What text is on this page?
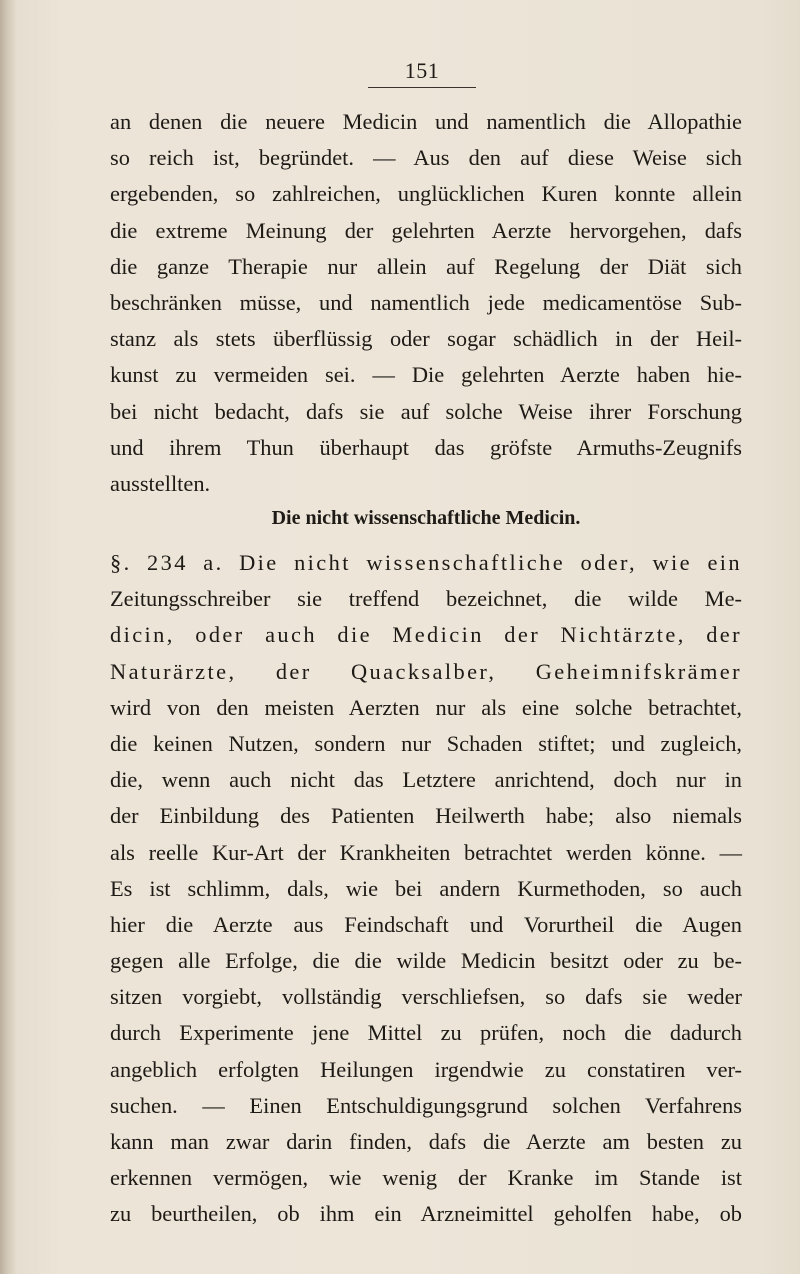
151
an denen die neuere Medicin und namentlich die Allopathie
so reich ist, begründet. — Aus den auf diese Weise sich
ergebenden, so zahlreichen, unglücklichen Kuren konnte allein
die extreme Meinung der gelehrten Aerzte hervorgehen, dafs
die ganze Therapie nur allein auf Regelung der Diät sich
beschränken müsse, und namentlich jede medicamentöse Sub-
stanz als stets überflüssig oder sogar schädlich in der Heil-
kunst zu vermeiden sei. — Die gelehrten Aerzte haben hie-
bei nicht bedacht, dafs sie auf solche Weise ihrer Forschung
und ihrem Thun überhaupt das gröfste Armuths-Zeugnifs
ausstellten.
Die nicht wissenschaftliche Medicin.
§. 234 a. Die nicht wissenschaftliche oder, wie ein
Zeitungsschreiber sie treffend bezeichnet, die wilde Me-
dicin, oder auch die Medicin der Nichtärzte, der
Naturärzte, der Quacksalber, Geheimnifskrämer
wird von den meisten Aerzten nur als eine solche betrachtet,
die keinen Nutzen, sondern nur Schaden stiftet; und zugleich,
die, wenn auch nicht das Letztere anrichtend, doch nur in
der Einbildung des Patienten Heilwerth habe; also niemals
als reelle Kur-Art der Krankheiten betrachtet werden könne. —
Es ist schlimm, dals, wie bei andern Kurmethoden, so auch
hier die Aerzte aus Feindschaft und Vorurtheil die Augen
gegen alle Erfolge, die die wilde Medicin besitzt oder zu be-
sitzen vorgiebt, vollständig verschliefsen, so dafs sie weder
durch Experimente jene Mittel zu prüfen, noch die dadurch
angeblich erfolgten Heilungen irgendwie zu constatiren ver-
suchen. — Einen Entschuldigungsgrund solchen Verfahrens
kann man zwar darin finden, dafs die Aerzte am besten zu
erkennen vermögen, wie wenig der Kranke im Stande ist
zu beurtheilen, ob ihm ein Arzneimittel geholfen habe, ob
